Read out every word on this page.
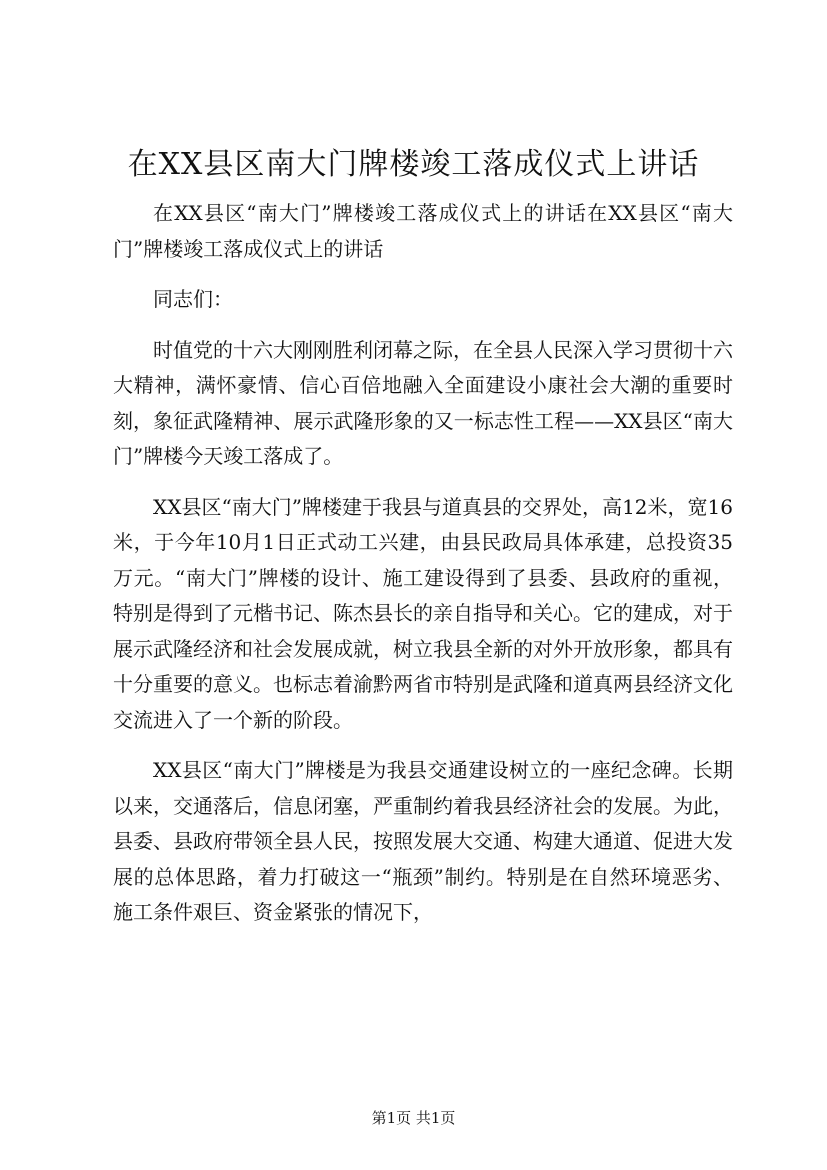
在XX县区南大门牌楼竣工落成仪式上讲话

在XX县区“南大门”牌楼竣工落成仪式上的讲话在XX县区“南大门”牌楼竣工落成仪式上的讲话

同志们：

时值党的十六大刚刚胜利闭幕之际，在全县人民深入学习贯彻十六大精神，满怀豪情、信心百倍地融入全面建设小康社会大潮的重要时刻，象征武隆精神、展示武隆形象的又一标志性工程——XX县区“南大门”牌楼今天竣工落成了。

XX县区“南大门”牌楼建于我县与道真县的交界处，高12米，宽16米，于今年10月1日正式动工兴建，由县民政局具体承建，总投资35万元。“南大门”牌楼的设计、施工建设得到了县委、县政府的重视，特别是得到了元楷书记、陈杰县长的亲自指导和关心。它的建成，对于展示武隆经济和社会发展成就，树立我县全新的对外开放形象，都具有十分重要的意义。也标志着渝黔两省市特别是武隆和道真两县经济文化交流进入了一个新的阶段。

XX县区“南大门”牌楼是为我县交通建设树立的一座纪念碑。长期以来，交通落后，信息闭塞，严重制约着我县经济社会的发展。为此，县委、县政府带领全县人民，按照发展大交通、构建大通道、促进大发展的总体思路，着力打破这一“瓶颈”制约。特别是在自然环境恶劣、施工条件艰巨、资金紧张的情况下，

第1页 共1页
